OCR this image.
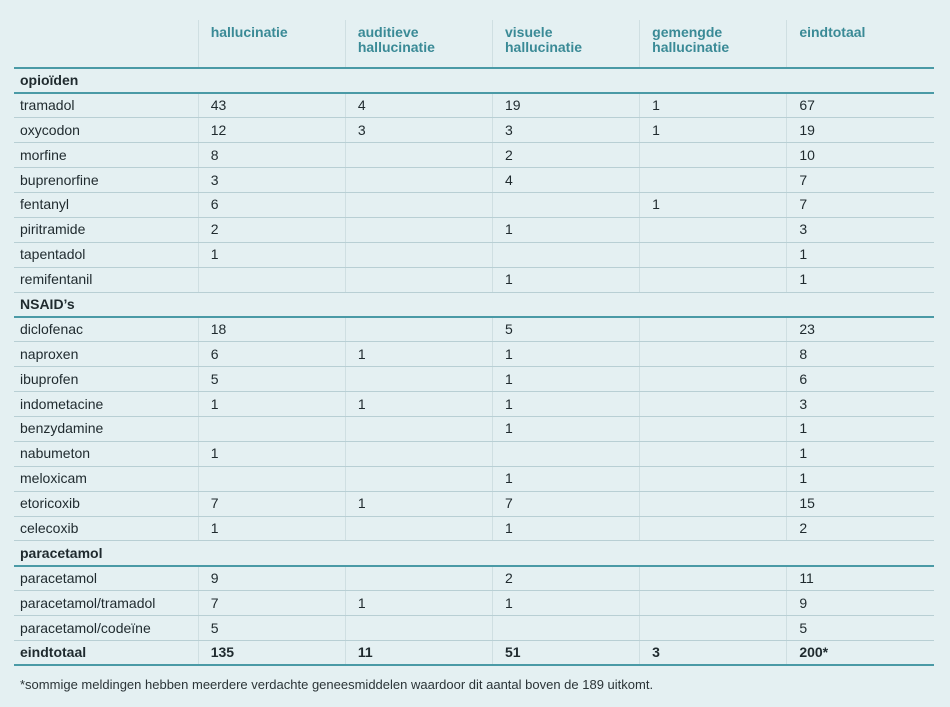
	hallucinatie	auditieve hallucinatie	visuele hallucinatie	gemengde hallucinatie	eindtotaal
opioïden					
tramadol	43	4	19	1	67
oxycodon	12	3	3	1	19
morfine	8		2		10
buprenorfine	3		4		7
fentanyl	6			1	7
piritramide	2		1		3
tapentadol	1				1
remifentanil			1		1
NSAID’s					
diclofenac	18		5		23
naproxen	6	1	1		8
ibuprofen	5		1		6
indometacine	1	1	1		3
benzydamine			1		1
nabumeton	1				1
meloxicam			1		1
etoricoxib	7	1	7		15
celecoxib	1		1		2
paracetamol					
paracetamol	9		2		11
paracetamol/tramadol	7	1	1		9
paracetamol/codeïne	5				5
eindtotaal	135	11	51	3	200*
*sommige meldingen hebben meerdere verdachte geneesmiddelen waardoor dit aantal boven de 189 uitkomt.
